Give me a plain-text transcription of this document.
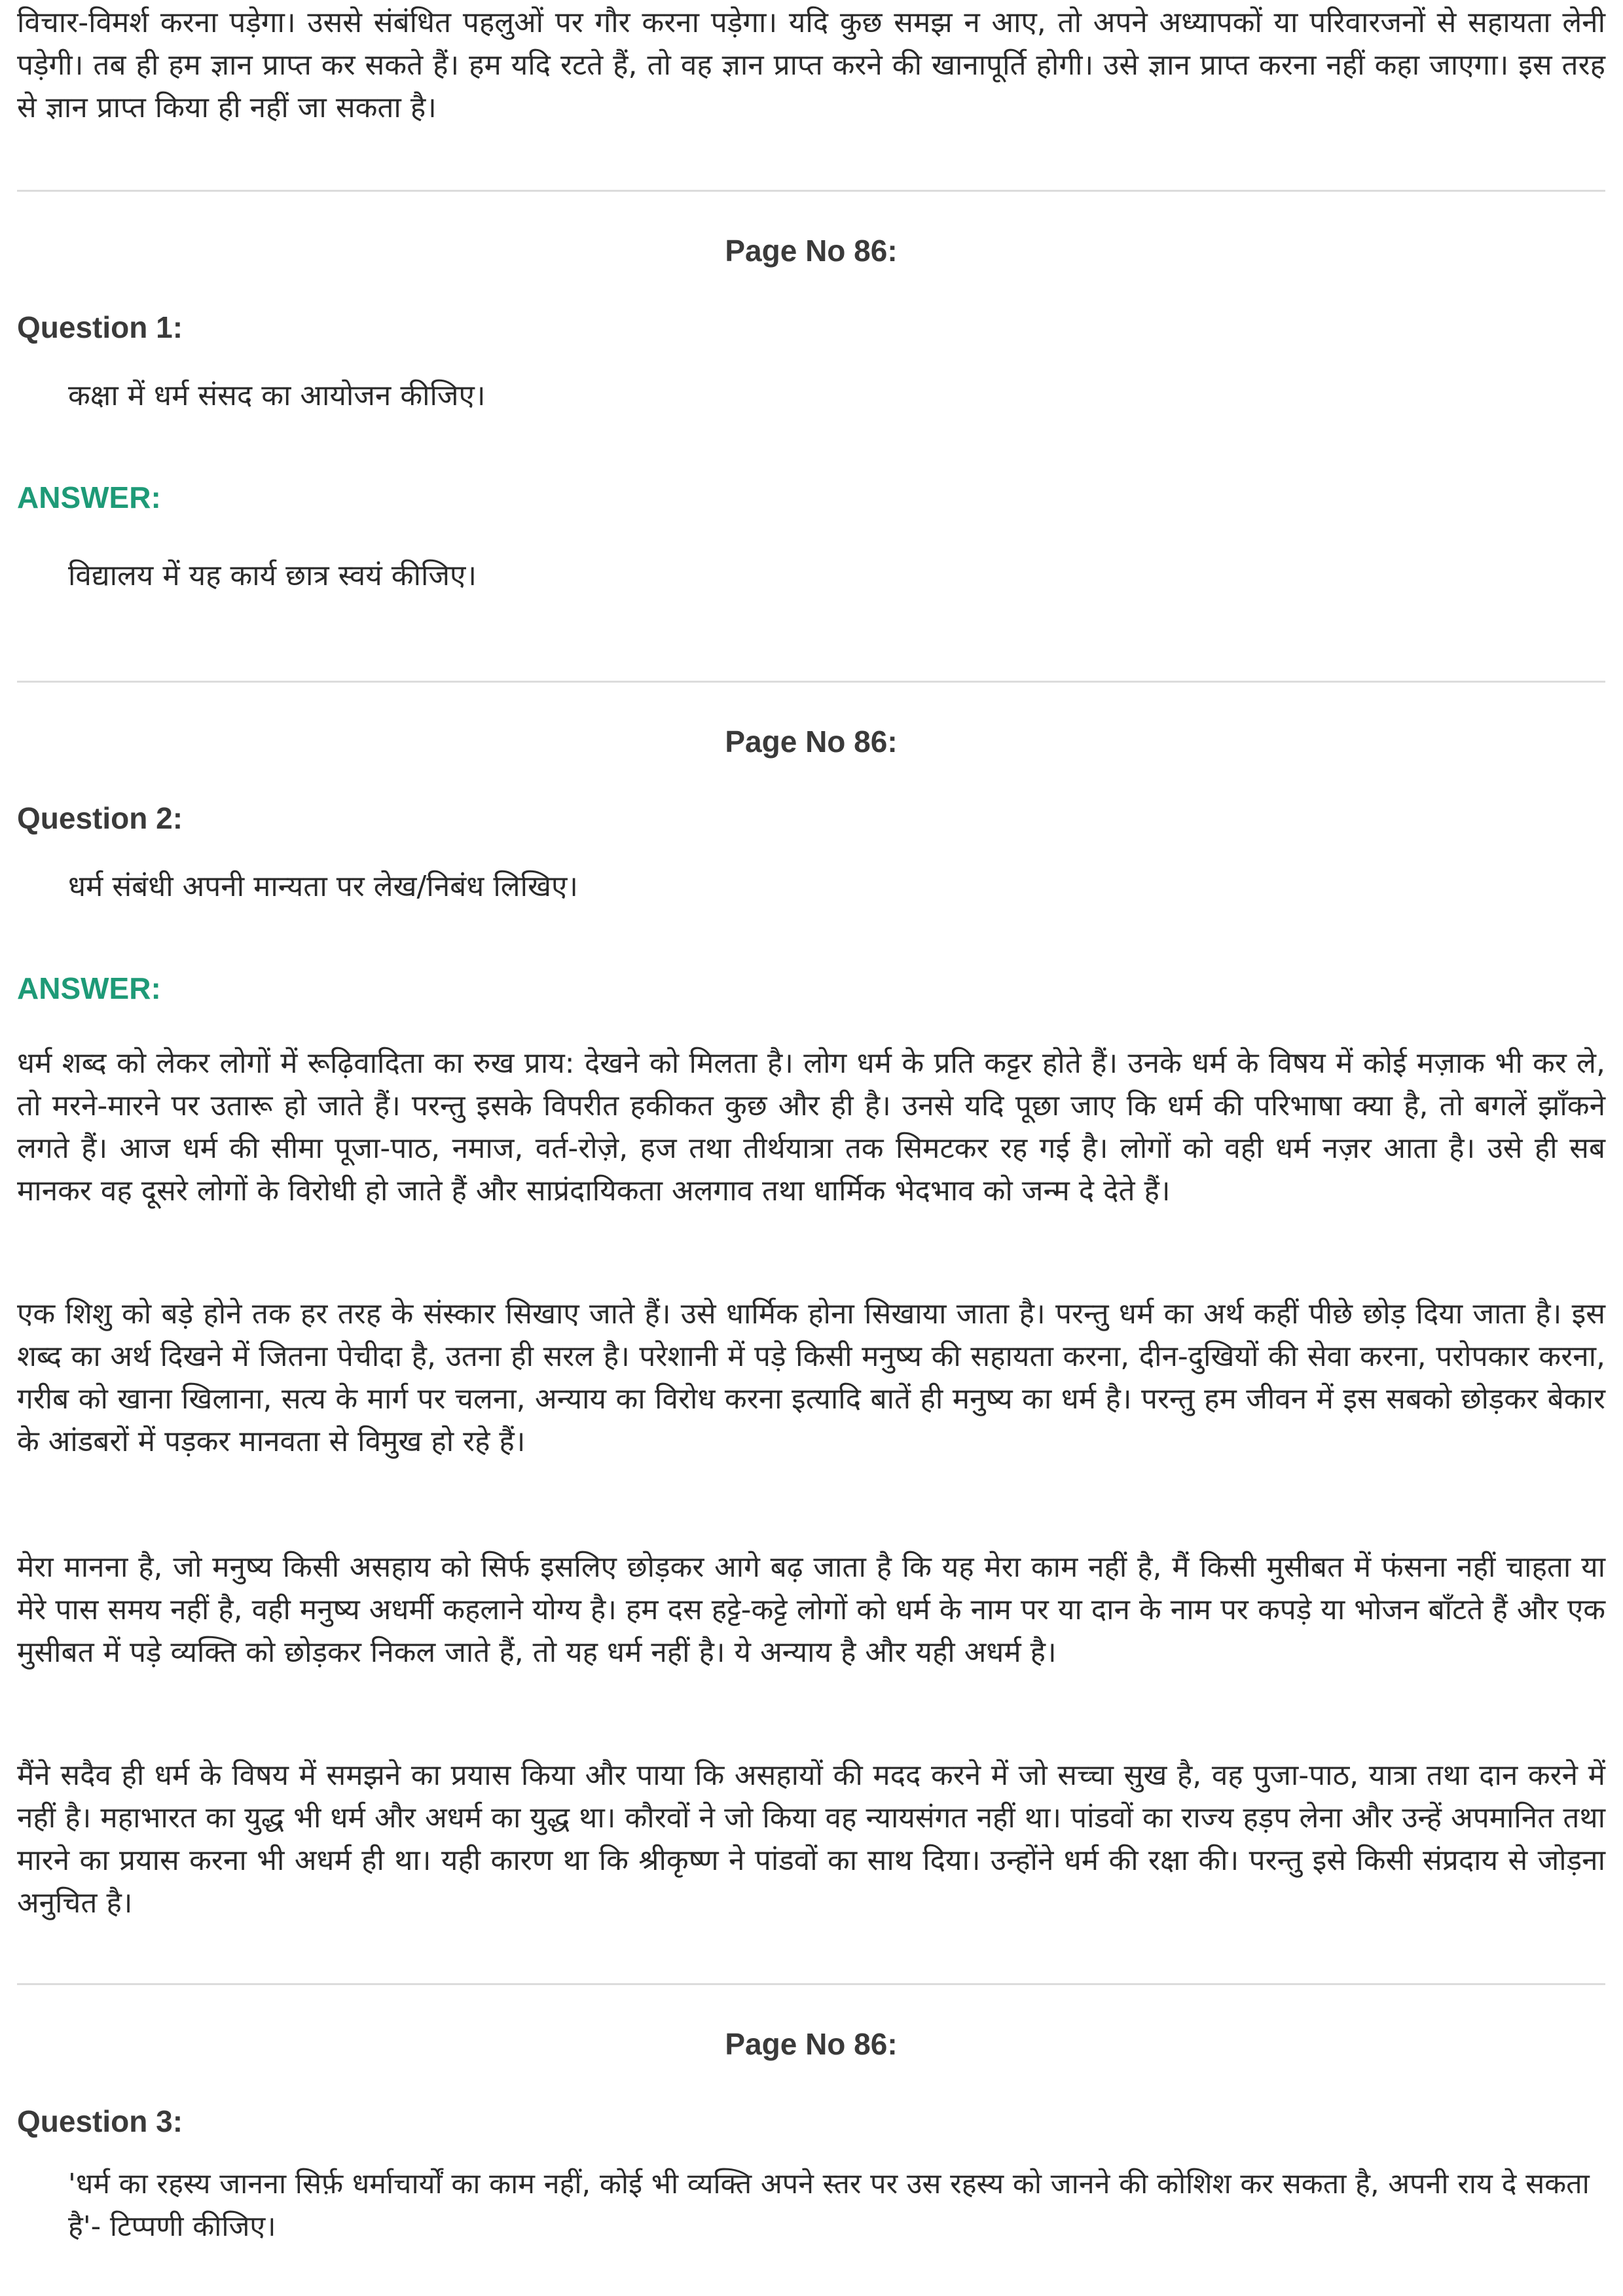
विचार-विमर्श करना पड़ेगा। उससे संबंधित पहलुओं पर गौर करना पड़ेगा। यदि कुछ समझ न आए, तो अपने अध्यापकों या परिवारजनों से सहायता लेनी पड़ेगी। तब ही हम ज्ञान प्राप्त कर सकते हैं। हम यदि रटते हैं, तो वह ज्ञान प्राप्त करने की खानापूर्ति होगी। उसे ज्ञान प्राप्त करना नहीं कहा जाएगा। इस तरह से ज्ञान प्राप्त किया ही नहीं जा सकता है।

Page No 86:
Question 1:

कक्षा में धर्म संसद का आयोजन कीजिए।

ANSWER:

विद्यालय में यह कार्य छात्र स्वयं कीजिए।

Page No 86:
Question 2:

धर्म संबंधी अपनी मान्यता पर लेख/निबंध लिखिए।

ANSWER:

धर्म शब्द को लेकर लोगों में रूढ़िवादिता का रुख प्राय: देखने को मिलता है। लोग धर्म के प्रति कट्टर होते हैं। उनके धर्म के विषय में कोई मज़ाक भी कर ले, तो मरने-मारने पर उतारू हो जाते हैं। परन्तु इसके विपरीत हकीकत कुछ और ही है। उनसे यदि पूछा जाए कि धर्म की परिभाषा क्या है, तो बगलें झाँकने लगते हैं। आज धर्म की सीमा पूजा-पाठ, नमाज, वर्त-रोज़े, हज तथा तीर्थयात्रा तक सिमटकर रह गई है। लोगों को वही धर्म नज़र आता है। उसे ही सब मानकर वह दूसरे लोगों के विरोधी हो जाते हैं और साप्रंदायिकता अलगाव तथा धार्मिक भेदभाव को जन्म दे देते हैं।

एक शिशु को बड़े होने तक हर तरह के संस्कार सिखाए जाते हैं। उसे धार्मिक होना सिखाया जाता है। परन्तु धर्म का अर्थ कहीं पीछे छोड़ दिया जाता है। इस शब्द का अर्थ दिखने में जितना पेचीदा है, उतना ही सरल है। परेशानी में पड़े किसी मनुष्य की सहायता करना, दीन-दुखियों की सेवा करना, परोपकार करना, गरीब को खाना खिलाना, सत्य के मार्ग पर चलना, अन्याय का विरोध करना इत्यादि बातें ही मनुष्य का धर्म है। परन्तु हम जीवन में इस सबको छोड़कर बेकार के आंडबरों में पड़कर मानवता से विमुख हो रहे हैं।

मेरा मानना है, जो मनुष्य किसी असहाय को सिर्फ इसलिए छोड़कर आगे बढ़ जाता है कि यह मेरा काम नहीं है, मैं किसी मुसीबत में फंसना नहीं चाहता या मेरे पास समय नहीं है, वही मनुष्य अधर्मी कहलाने योग्य है। हम दस हट्टे-कट्टे लोगों को धर्म के नाम पर या दान के नाम पर कपड़े या भोजन बाँटते हैं और एक मुसीबत में पड़े व्यक्ति को छोड़कर निकल जाते हैं, तो यह धर्म नहीं है। ये अन्याय है और यही अधर्म है।

मैंने सदैव ही धर्म के विषय में समझने का प्रयास किया और पाया कि असहायों की मदद करने में जो सच्चा सुख है, वह पुजा-पाठ, यात्रा तथा दान करने में नहीं है। महाभारत का युद्ध भी धर्म और अधर्म का युद्ध था। कौरवों ने जो किया वह न्यायसंगत नहीं था। पांडवों का राज्य हड़प लेना और उन्हें अपमानित तथा मारने का प्रयास करना भी अधर्म ही था। यही कारण था कि श्रीकृष्ण ने पांडवों का साथ दिया। उन्होंने धर्म की रक्षा की। परन्तु इसे किसी संप्रदाय से जोड़ना अनुचित है।

Page No 86:
Question 3:

'धर्म का रहस्य जानना सिर्फ़ धर्माचार्यों का काम नहीं, कोई भी व्यक्ति अपने स्तर पर उस रहस्य को जानने की कोशिश कर सकता है, अपनी राय दे सकता है'- टिप्पणी कीजिए।
